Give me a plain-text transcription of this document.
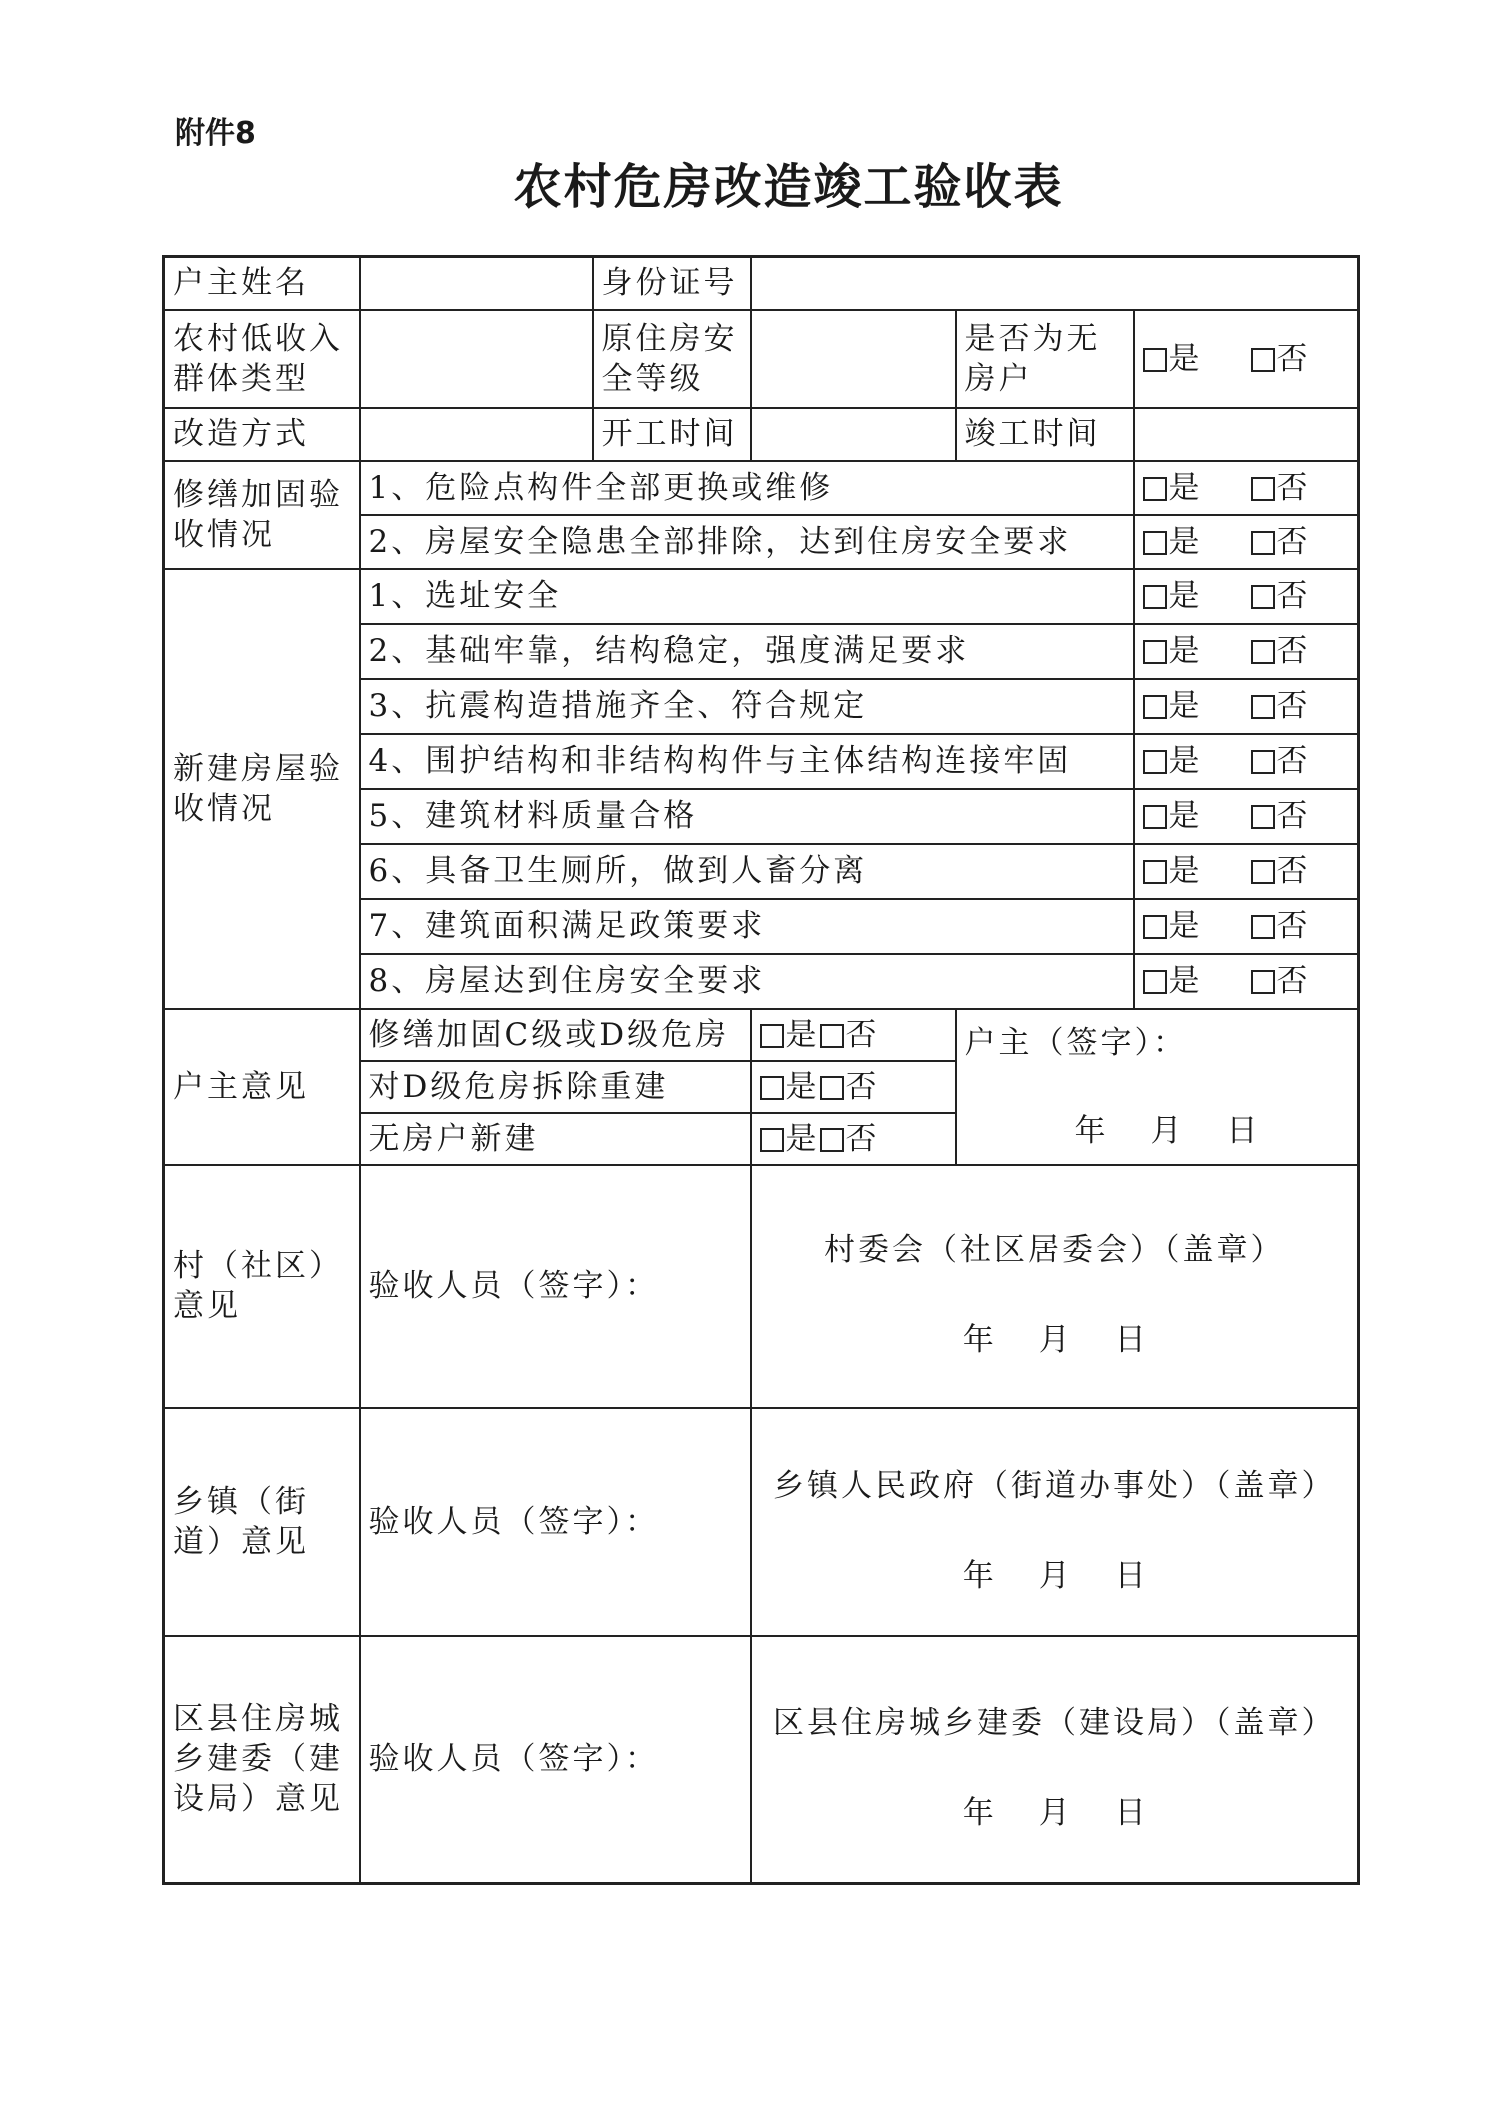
附件8
农村危房改造竣工验收表
户主姓名		身份证号			
农村低收入群体类型		原住房安全等级		是否为无房户	是 否
改造方式		开工时间		竣工时间	
修缮加固验收情况	1、危险点构件全部更换或维修				是 否
	2、房屋安全隐患全部排除，达到住房安全要求				是 否
新建房屋验收情况	1、选址安全				是 否
	2、基础牢靠，结构稳定，强度满足要求				是 否
	3、抗震构造措施齐全、符合规定				是 否
	4、围护结构和非结构构件与主体结构连接牢固				是 否
	5、建筑材料质量合格				是 否
	6、具备卫生厕所，做到人畜分离				是 否
	7、建筑面积满足政策要求				是 否
	8、房屋达到住房安全要求				是 否
户主意见	修缮加固C级或D级危房		是 否	户主（签字）：
年 月 日	
	对D级危房拆除重建		是 否		
	无房户新建		是 否		
村（社区）意见	验收人员（签字）：		村委会（社区居委会）（盖章）
年 月 日		

乡镇（街道）意见	验收人员（签字）：		乡镇人民政府（街道办事处）（盖章）
年 月 日		

区县住房城乡建委（建设局）意见	验收人员（签字）：		区县住房城乡建委（建设局）（盖章）
年 月 日		
